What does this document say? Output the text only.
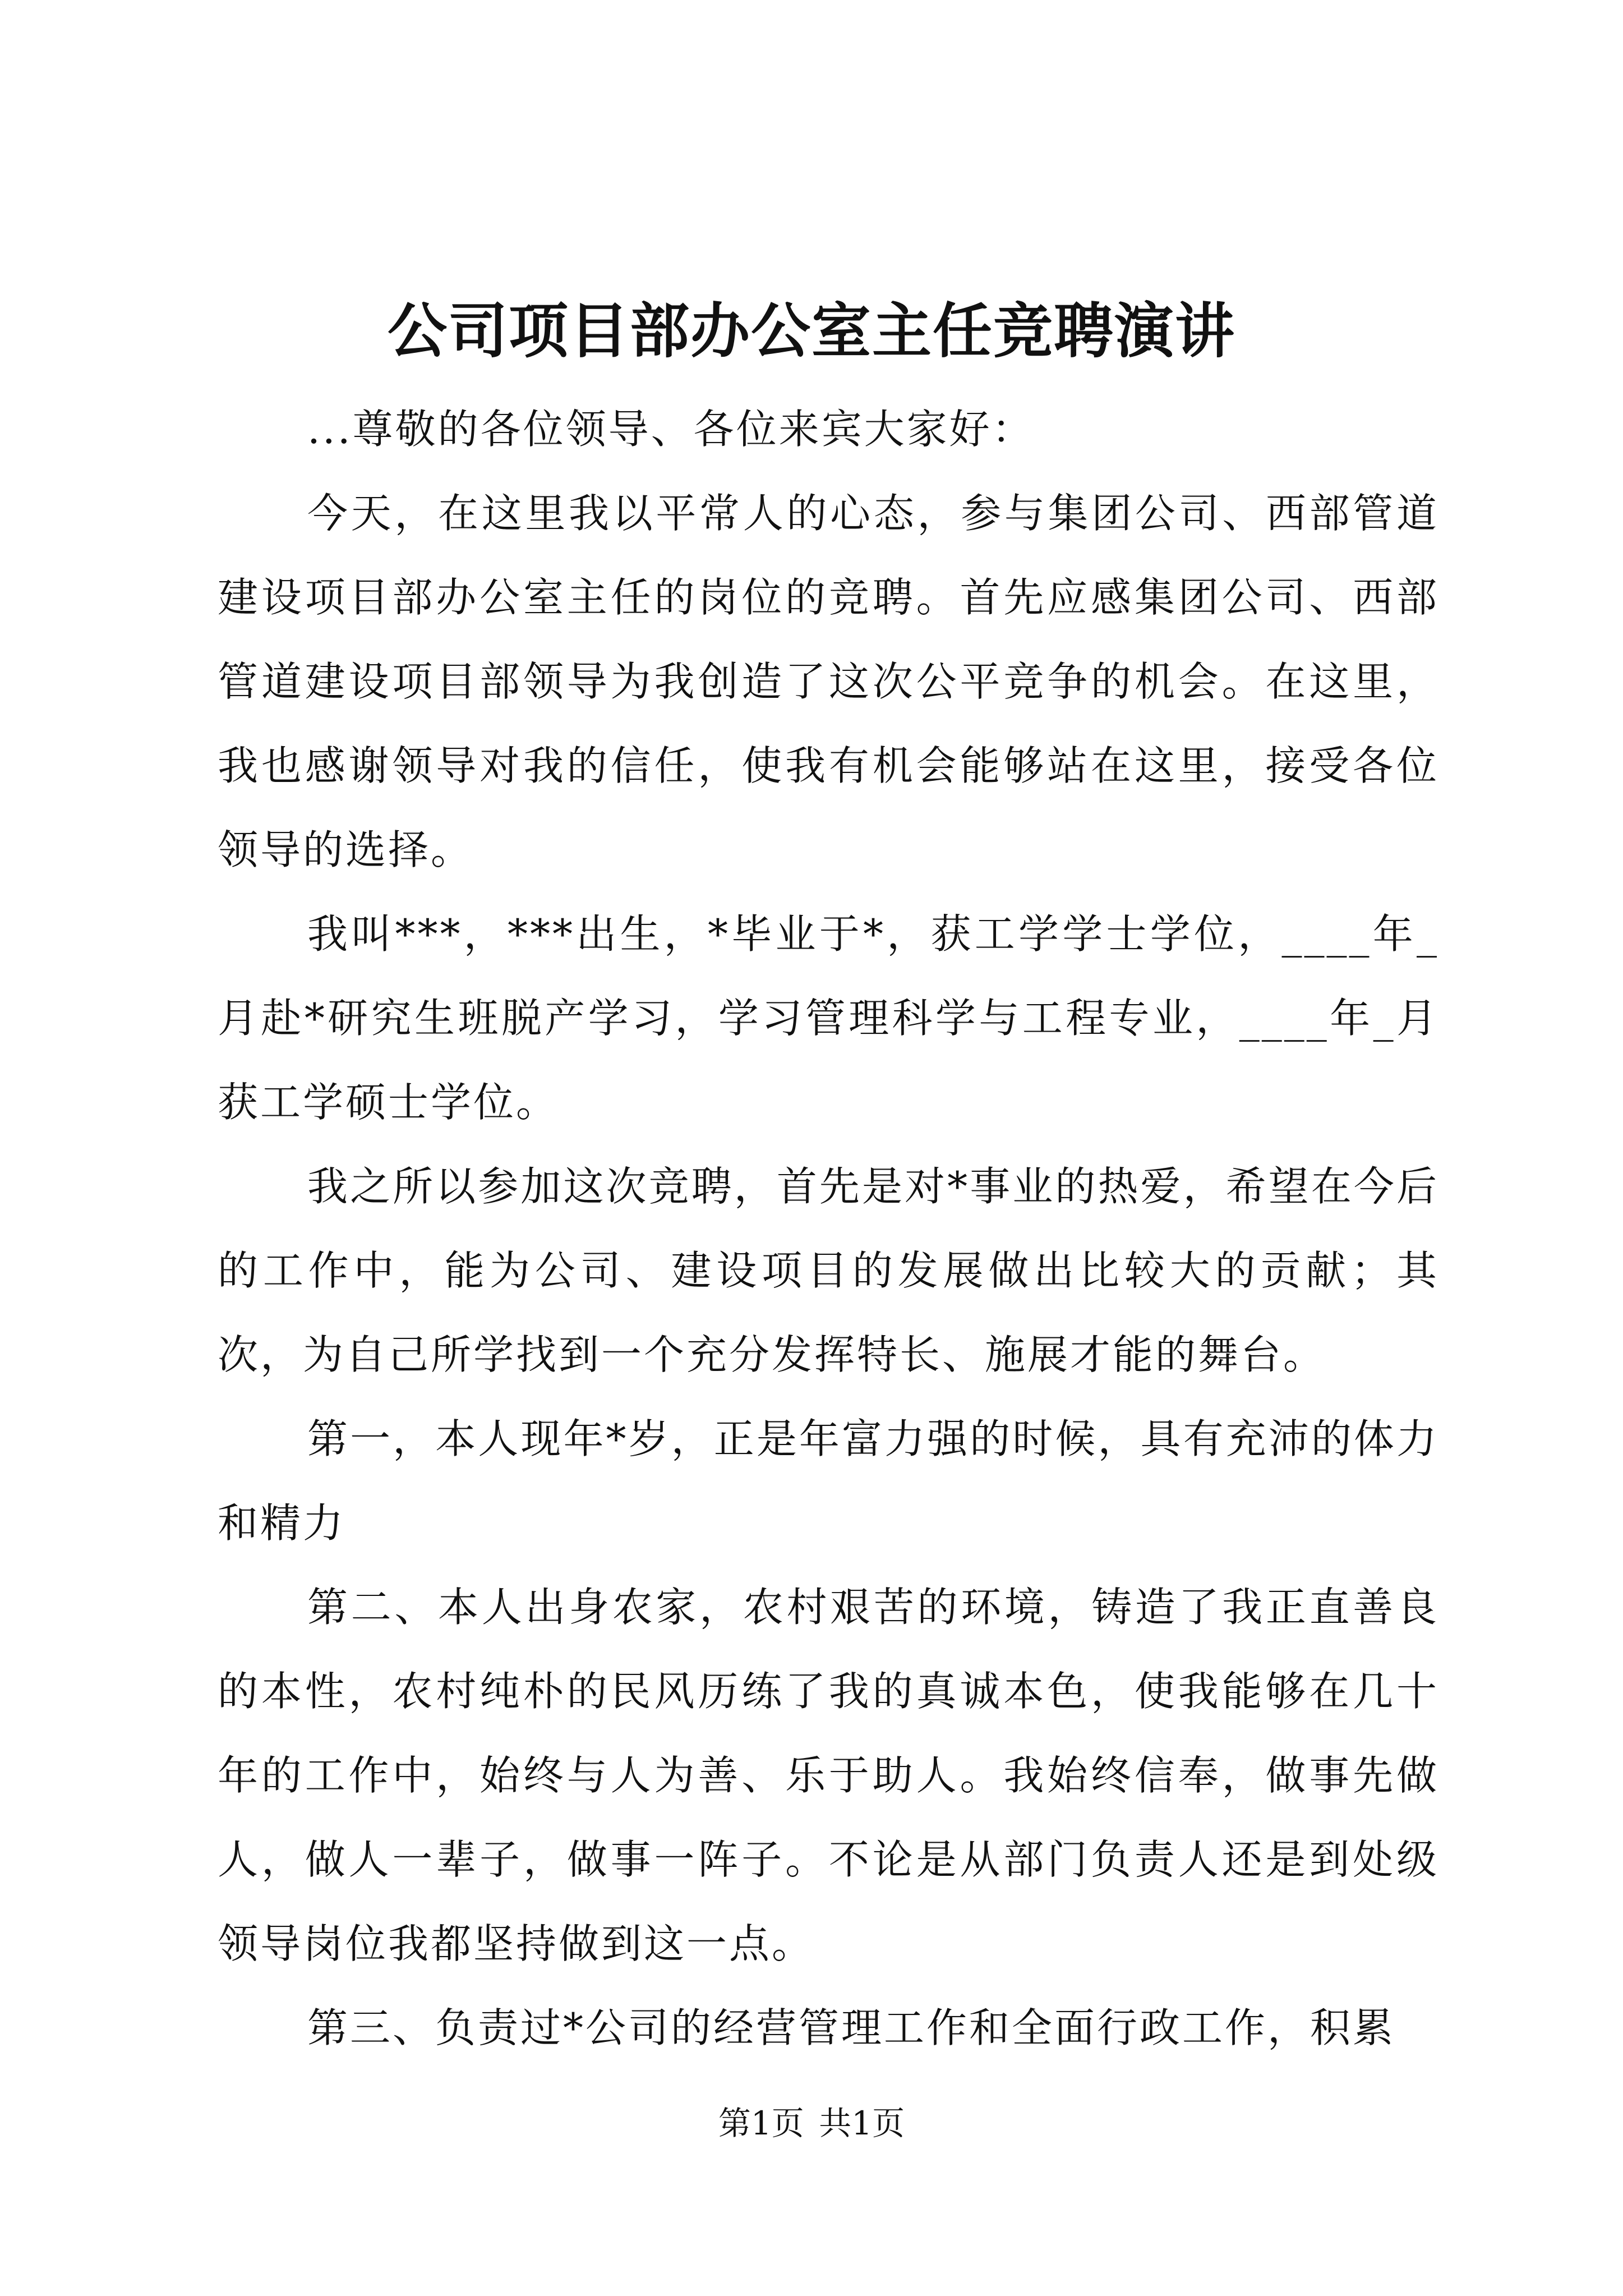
公司项目部办公室主任竞聘演讲

...尊敬的各位领导、各位来宾大家好：

今天，在这里我以平常人的心态，参与集团公司、西部管道建设项目部办公室主任的岗位的竞聘。首先应感集团公司、西部管道建设项目部领导为我创造了这次公平竞争的机会。在这里，我也感谢领导对我的信任，使我有机会能够站在这里，接受各位领导的选择。

我叫***，***出生，*毕业于*，获工学学士学位，____年_月赴*研究生班脱产学习，学习管理科学与工程专业，____年_月获工学硕士学位。

我之所以参加这次竞聘，首先是对*事业的热爱，希望在今后的工作中，能为公司、建设项目的发展做出比较大的贡献；其次，为自己所学找到一个充分发挥特长、施展才能的舞台。

第一，本人现年*岁，正是年富力强的时候，具有充沛的体力和精力

第二、本人出身农家，农村艰苦的环境，铸造了我正直善良的本性，农村纯朴的民风历练了我的真诚本色，使我能够在几十年的工作中，始终与人为善、乐于助人。我始终信奉，做事先做人，做人一辈子，做事一阵子。不论是从部门负责人还是到处级领导岗位我都坚持做到这一点。

第三、负责过*公司的经营管理工作和全面行政工作，积累

第1页 共1页
